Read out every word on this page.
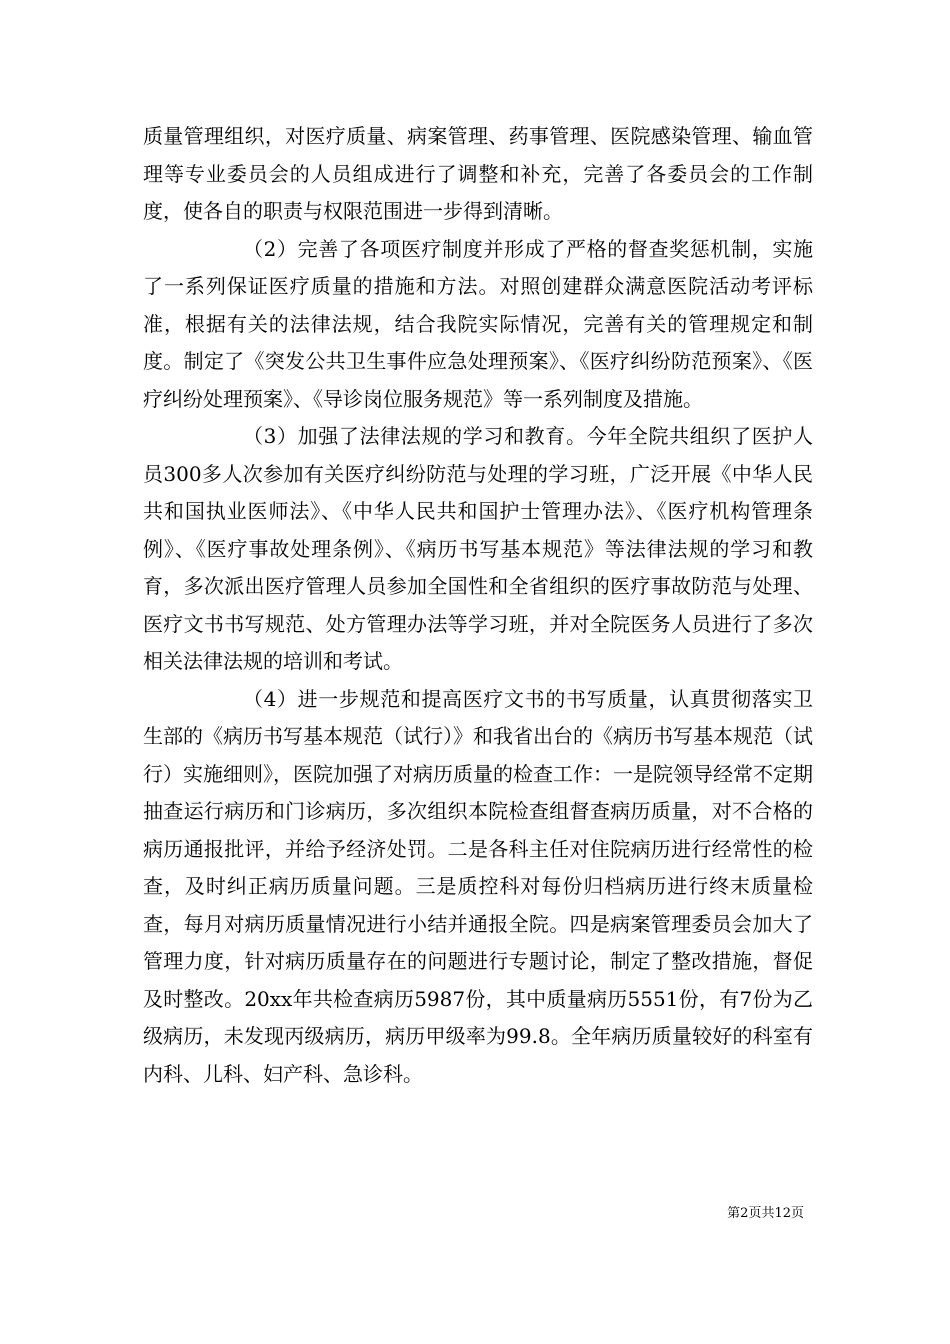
质量管理组织，对医疗质量、病案管理、药事管理、医院感染管理、输血管理等专业委员会的人员组成进行了调整和补充，完善了各委员会的工作制度，使各自的职责与权限范围进一步得到清晰。

（2）完善了各项医疗制度并形成了严格的督查奖惩机制，实施了一系列保证医疗质量的措施和方法。对照创建群众满意医院活动考评标准，根据有关的法律法规，结合我院实际情况，完善有关的管理规定和制度。制定了《突发公共卫生事件应急处理预案》、《医疗纠纷防范预案》、《医疗纠纷处理预案》、《导诊岗位服务规范》等一系列制度及措施。

（3）加强了法律法规的学习和教育。今年全院共组织了医护人员300多人次参加有关医疗纠纷防范与处理的学习班，广泛开展《中华人民共和国执业医师法》、《中华人民共和国护士管理办法》、《医疗机构管理条例》、《医疗事故处理条例》、《病历书写基本规范》等法律法规的学习和教育，多次派出医疗管理人员参加全国性和全省组织的医疗事故防范与处理、医疗文书书写规范、处方管理办法等学习班，并对全院医务人员进行了多次相关法律法规的培训和考试。

（4）进一步规范和提高医疗文书的书写质量，认真贯彻落实卫生部的《病历书写基本规范（试行）》和我省出台的《病历书写基本规范（试行）实施细则》，医院加强了对病历质量的检查工作：一是院领导经常不定期抽查运行病历和门诊病历，多次组织本院检查组督查病历质量，对不合格的病历通报批评，并给予经济处罚。二是各科主任对住院病历进行经常性的检查，及时纠正病历质量问题。三是质控科对每份归档病历进行终末质量检查，每月对病历质量情况进行小结并通报全院。四是病案管理委员会加大了管理力度，针对病历质量存在的问题进行专题讨论，制定了整改措施，督促及时整改。20xx年共检查病历5987份，其中质量病历5551份，有7份为乙级病历，未发现丙级病历，病历甲级率为99.8。全年病历质量较好的科室有内科、儿科、妇产科、急诊科。

第2页共12页
